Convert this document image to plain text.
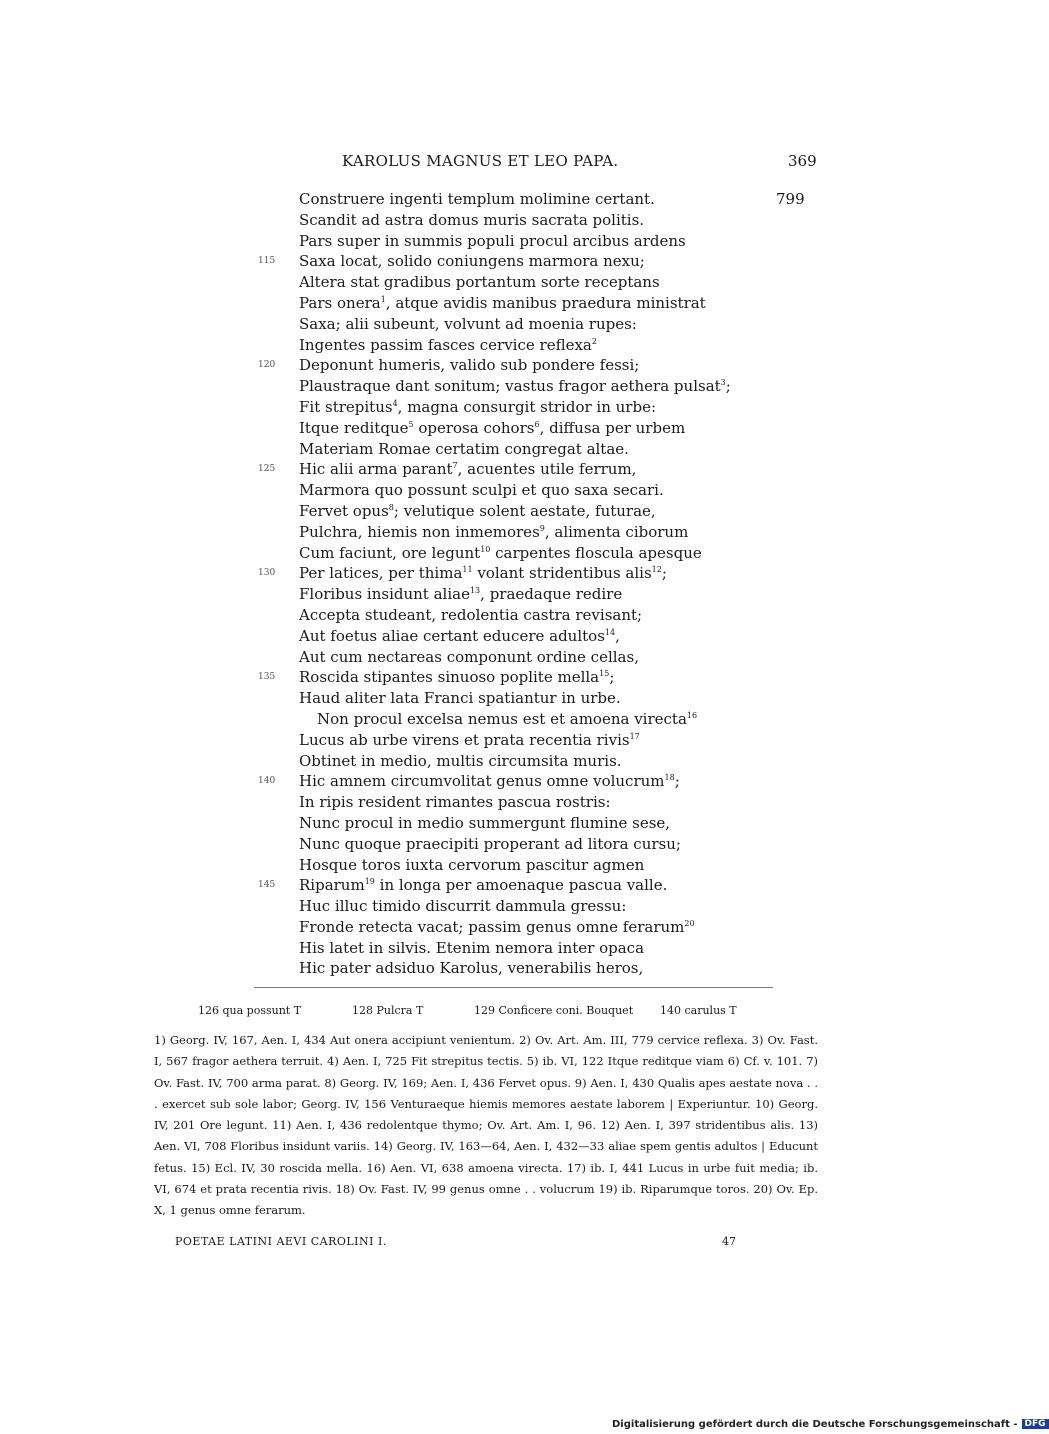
KAROLUS MAGNUS ET LEO PAPA.	369
Construere ingenti templum molimine certant.	799
Scandit ad astra domus muris sacrata politis.
Pars super in summis populi procul arcibus ardens
115 Saxa locat, solido coniungens marmora nexu;
Altera stat gradibus portantum sorte receptans
Pars onera$^1$, atque avidis manibus praedura ministrat
Saxa; alii subeunt, volvunt ad moenia rupes:
Ingentes passim fasces cervice reflexa$^2$
120 Deponunt humeris, valido sub pondere fessi;
Plaustraque dant sonitum; vastus fragor aethera pulsat$^3$;
Fit strepitus$^4$, magna consurgit stridor in urbe:
Itque reditque$^5$ operosa cohors$^6$, diffusa per urbem
Materiam Romae certatim congregat altae.
125 Hic alii arma parant$^7$, acuentes utile ferrum,
Marmora quo possunt sculpi et quo saxa secari.
Fervet opus$^8$; velutique solent aestate, futurae,
Pulchra, hiemis non inmemores$^9$, alimenta ciborum
Cum faciunt, ore legunt$^{10}$ carpentes flosculа apesque
130 Per latices, per thima$^{11}$ volant stridentibus alis$^{12}$;
Floribus insidunt aliae$^{13}$, praedaque redire
Accepta studeant, redolentia castra revisant;
Aut foetus aliae certant educere adultos$^{14}$,
Aut cum nectareas componunt ordine cellas,
135 Roscida stipantes sinuoso poplite mella$^{15}$;
Haud aliter lata Franci spatiantur in urbe.
Non procul excelsa nemus est et amoena virecta$^{16}$
Lucus ab urbe virens et prata recentia rivis$^{17}$
Obtinet in medio, multis circumsita muris.
140 Hic amnem circumvolitat genus omne volucrum$^{18}$;
In ripis resident rimantes pascua rostris:
Nunc procul in medio summergunt flumine sese,
Nunc quoque praecipiti properant ad litora cursu;
Hosque toros iuxta cervorum pascitur agmen
145 Riparum$^{19}$ in longa per amoenaque pascua valle.
Huc illuc timido discurrit dammula gressu:
Fronde retecta vacat; passim genus omne ferarum$^{20}$
His latet in silvis. Etenim nemora inter opaca
Hic pater adsiduo Karolus, venerabilis heros,
126 qua possunt T	128 Pulcra T	129 Conficere coni. Bouquet 140 carulus T

1) Georg. IV, 167, Aen. I, 434 Aut onera accipiunt venientum. 2) Ov. Art. Am. III, 779 cervice reflexa. 3) Ov. Fast. I, 567 fragor aethera terruit. 4) Aen. I, 725 Fit strepitus tectis. 5) ib. VI, 122 Itque reditque viam 6) Cf. v. 101. 7) Ov. Fast. IV, 700 arma parat. 8) Georg. IV, 169; Aen. I, 436 Fervet opus. 9) Aen. I, 430 Qualis apes aestate nova . . . exercet sub sole labor; Georg. IV, 156 Venturaeque hiemis memores aestate laborem | Experiuntur. 10) Georg. IV, 201 Ore legunt. 11) Aen. I, 436 redolentque thymo; Ov. Art. Am. I, 96. 12) Aen. I, 397 stridentibus alis. 13) Aen. VI, 708 Floribus insidunt variis. 14) Georg. IV, 163—64, Aen. I, 432—33 aliae spem gentis adultos | Educunt fetus. 15) Ecl. IV, 30 roscida mella. 16) Aen. VI, 638 amoena virecta. 17) ib. I, 441 Lucus in urbe fuit media; ib. VI, 674 et prata recentia rivis. 18) Ov. Fast. IV, 99 genus omne . . volucrum 19) ib. Riparumque toros. 20) Ov. Ep. X, 1 genus omne ferarum.

POETAE LATINI AEVI CAROLINI I.	47
Digitalisierung gefördert durch die Deutsche Forschungsgemeinschaft - DFG
